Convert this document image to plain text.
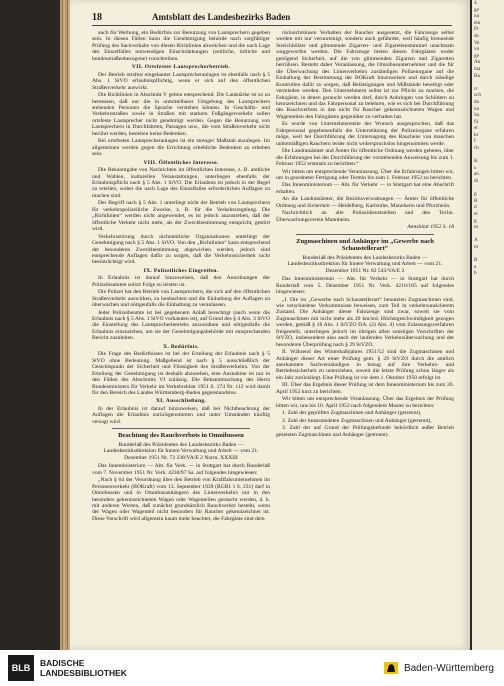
18	Amtsblatt des Landesbezirks Baden

auch für Werbung, ein Bedürfnis zur Benutzung von Lautsprechern gegeben sein. In diesen Fällen kann die Genehmigung behörde nach sorgfältiger Prüfung des Sachverhalts von diesen Richtlinien abweichen und die nach Lage des Einzelfalles notwendigen Einschränkungen (zeitliche, örtliche und bundesstraßenbezogene) vorschreiben.

VII. Ortsfester Lautsprecherbetrieb.

Der Betrieb ortsfest eingebauter Lautsprecheranlagen ist ebenfalls nach § 5 Abs. 1 StVO erlaubnispflichtig, wenn er sich auf den öffentlichen Straßenverkehr auswirkt.

Die Richtlinien in Abschnitt V gelten entsprechend. Die Lautstärke ist so zu bemessen, daß nur die in unmittelbarer Umgebung des Lautsprechers stehenden Personen die Sprache verstehen können. In Geschäfts- und Verkehrsstraßen sowie in Straßen mit starkem Fußgängerverkehr sollen ortsfeste Lautsprecher nicht genehmigt werden. Gegen die Benutzung von Lautsprechern in Durchfahrten, Passagen usw., die vom Straßenverkehr nicht berührt werden, bestehen keine Bedenken.

Bei ortsfesten Lautsprecheranlagen ist ein strenger Maßstab anzulegen. Im allgemeinen werden gegen die Errichtung erhebliche Bedenken zu erheben sein.

VIII. Öffentliches Interesse.

Die Bekanntgabe von Nachrichten im öffentlichen Interesse, z. B. amtliche und Wahlen, kulturellen Veranstaltungen, unterliegen ebenfalls der Erlaubnispflicht nach § 5 Abs. 1 StVO. Die Erlaubnis ist jedoch in der Regel zu erteilen, wobei die nach Lage des Einzelfalles erforderlichen Auflagen zu machen sind.

Der Begriff nach § 5 Abs. 1 unterliegt nicht der Betrieb von Lautsprechern für verkehrspolizeiliche Zwecke, z. B. für die Verkehrsregelung. Die „Richtlinien“ werden nicht angewendet, es ist jedoch anzustreben, daß der öffentliche Verkehr nicht mehr, als der Zweckbestimmung entspricht, gestört wird.

Verkehrsstörung durch nichtamtliche Organisationen unterliegt der Genehmigung nach § 5 Abs. 1 StVO. Von den „Richtlinien“ kann entsprechend der besonderen Zweckbestimmung abgewichen werden, jedoch sind entsprechende Auflagen dafür zu sorgen, daß die Verkehrssicherheit nicht beeinträchtigt wird.

IX. Polizeiliches Eingreifen.

In Erlaubnis ist darauf hinzuweisen, daß den Anordnungen der Polizeibeamten sofort Folge zu leisten ist.

Die Polizei hat den Betrieb von Lautsprechern, die sich auf den öffentlichen Straßenverkehr auswirken, zu beobachten und die Einhaltung der Auflagen zu überwachen und nötigenfalls die Einhaltung zu veranlassen.

Jeder Polizeibeamte ist bei gegebenem Anlaß berechtigt (auch wenn die Erlaubnis nach § 5 Abs. 1 StVO vorhanden ist), auf Grund des § 4 Abs. 3 StVO die Einstellung des Lautsprecherbetriebs anzuordnen und nötigenfalls die Erlaubnis einzuziehen, um sie der Genehmigungsbehörde mit entsprechenden Bericht zuzuleiten.

X. Bedürfnis.

Die Frage des Bedürfnisses ist bei der Erteilung der Erlaubnis nach § 5 StVO ohne Bedeutung. Maßgebend ist nach § 5 ausschließlich der Gesichtspunkt der Sicherheit und Flüssigkeit des Straßenverkehrs. Von der Erteilung der Genehmigung ist deshalb abzusehen, eine Ausnahme ist nur in den Fällen des Abschnitts VI zulässig. Die Bekanntmachung des Herrn Bundesministers für Verkehr im Verkehrsblatt 1951 S. 174 Nr. 112 wird damit für den Bereich des Landes Württemberg-Baden gegenstandslos.

XI. Ausschließung.

In der Erlaubnis ist darauf hinzuweisen, daß bei Nichtbeachtung der Auflagen die Erlaubnis zurückgenommen und unter Umständen künftig versagt wird.

Beachtung des Rauchverbots in Omnibussen
Runderlaß des Präsidenten des Landesbezirks Baden — Landesbezirksdirektion für Innere Verwaltung und Arbeit — vom 21. Dezember 1951 Nr. 73 238/VA/E 2 Norm. XXXIII

Das Inneministerium — Abt. für Verk. — in Stuttgart hat durch Runderlaß vom 7. November 1951 Nr. Verk. 4230/97 Sa. auf folgendes hingewiesen:

„Nach § 64 der Verordnung über den Betrieb von Kraftfahrunternehmen im Personenverkehr (BOKraft) vom 13. September 1939 (RGBl. I S. 231) darf in Omnibussen und in Omnibusanhängern des Linienverkehrs nur in den besonders gekennzeichneten Wagen oder Wagenteilen geraucht werden, d. h. mit anderen Worten, daß zunächst grundsätzlich Rauchverbot besteht, wenn der Wagen oder Wagenteil nicht besonders für Raucher gekennzeichnet ist. Diese Vorschrift wird allgemein kaum mehr beachtet, die Fahrgäste sind dem

rücksichtslosen Verhalten der Raucher ausgesetzt, die Fahrzeuge selbst werden mit nur verunreinigt, sondern auch gefährdet, weil häufig brennende Streichhölzer und glimmende Zigarren- und Zigarettenstummel unachtsam weggeworfen werden. Die Fahrzeuge bieten diesen Fahrgästen weder genügend Sicherheit, auf die von glimmenden Zigarren und Zigaretten herrühren. Besteht daher Veranlassung, die Omnibusunternehmer und die für die Überwachung des Linienverkehrs zuständigen Polizeiorgane auf die Einhaltung der Bestimmung der BOKraft hinzuweisen und durch ständige Kontrollen dafür zu sorgen, daß Belästigungen und Mißstände beseitigt oder vermieden werden. Den Unternehmern selbst ist zur Pflicht zu machen, die Fahrgäste, in denen geraucht werden darf, durch Anbringen von Schildern zu kennzeichnen und das Fahrpersonal zu belehren, wie es sich bei Durchführung des Rauchverbots in den nicht für Raucher gekennzeichneten Wagen und Wagenteilen den Fahrgästen gegenüber zu verhalten hat.

Es wurde von Unternehmerseite der Wunsch ausgesprochen, daß das Fahrpersonal gegebenenfalls die Unterstützung der Polizeiorgane erfahren möge, weil bei Durchführung der Untersagung des Rauchens von manchen unbotmäßigen Rauchern leider nicht widerspruchslos hingenommen werde.

Die Landratsämter und Ämter für öffentliche Ordnung werden gebeten, über die Erfahrungen bei der Durchführung der vorstehenden Anweisung bis zum 1. Februar 1952 erstmals zu berichten.“

Wir bitten um entsprechende Veranlassung. Über die Erfahrungen bitten wir, um in geordneter Fertigung oder Termin bis zum 1. Februar 1952 zu berichten.

Das Innenministerium — Abt. für Verkehr — in Stuttgart hat eine Abschrift erhalten.

An die Landratsämter, die Bezirksverwaltungen — Ämter für öffentliche Ordnung und Sicherheit — Heidelberg, Karlsruhe, Mannheim und Pforzheim.

Nachrichtlich an alle Polizeidienststellen und den Techn. Überwachungsverein Mannheim.

Amtsblatt 1952 S. 18
Zugmaschinen und Anhänger im „Gewerbe nach Schaustellerart“
Runderlaß des Präsidenten des Landesbezirks Baden — Landesbezirksdirektion für Innere Verwaltung und Arbeit — vom 21. Dezember 1951 Nr. 82 543/VA/E 2

Das Innenministerium — Abt. für Verkehr — in Stuttgart hat durch Runderlaß vom 5. Dezember 1951 Nr. Verk. 4210/185 auf folgendes hingewiesen:

„I. Die im „Gewerbe nach Schaustellerart“ benutzten Zugmaschinen sind, wie verschiedene Vorkommnisse beweisen, zum Teil in verkehrsunsicherem Zustand. Die Anhänger dieser Fahrzeuge sind zwar, soweit sie vom Zugmaschinen mit nicht mehr als 20 km/std. Höchstgeschwindigkeit gezogen werden, gemäß § 18 Abs. 1 StVZO DA. (2) Abs. 4) vom Zulassungsverfahren freigestellt, unterliegen jedoch im übrigen allen sonstigen Vorschriften der StVZO, insbesondere also auch der laufenden Verkehrsüberwachung und der besonderen Überprüfung nach § 29 StVZO.

II. Während des Winterhalbjahres 1951/52 sind die Zugmaschinen und Anhänger dieser Art einer Prüfung gem. § 29 StVZO durch die amtlich anerkannten Sachverständigen in bezug auf ihre Verkehrs- und Betriebssicherheit zu unterziehen, soweit die letzte Prüfung schon länger als ein Jahr zurückliegt. Eine Prüfung ist vor dem 1. Oktober 1950 erfolgt ist.

III. Über das Ergebnis dieser Prüfung ist dem Innenministerium bis zum 20. April 1952 kurz zu berichten.

Wir bitten um entsprechende Veranlassung. Über das Ergebnis der Prüfung bitten wir, uns bis 10. April 1952 nach folgendem Muster zu berichten:

1. Zahl der geprüften Zugmaschinen und Anhänger (getrennt),

2. Zahl der beanstandeten Zugmaschinen und Anhänger (getrennt),

3. Zahl der auf Grund der Prüfungsbefunde behördlich außer Betrieb gesetzten Zugmaschinen und Anhänger (getrennt).

4.
ge
na
ein
Pr
ds
Ve
vo
ge
An
ma
Ba

cr
sch
da
na
Sa
fü
er
kr
f
ch

K
s
an
di

g
R
d
ei
g
m

A
m

B
a
b

BLB	BADISCHE
LANDESBIBLIOTHEK	Baden-Württemberg
